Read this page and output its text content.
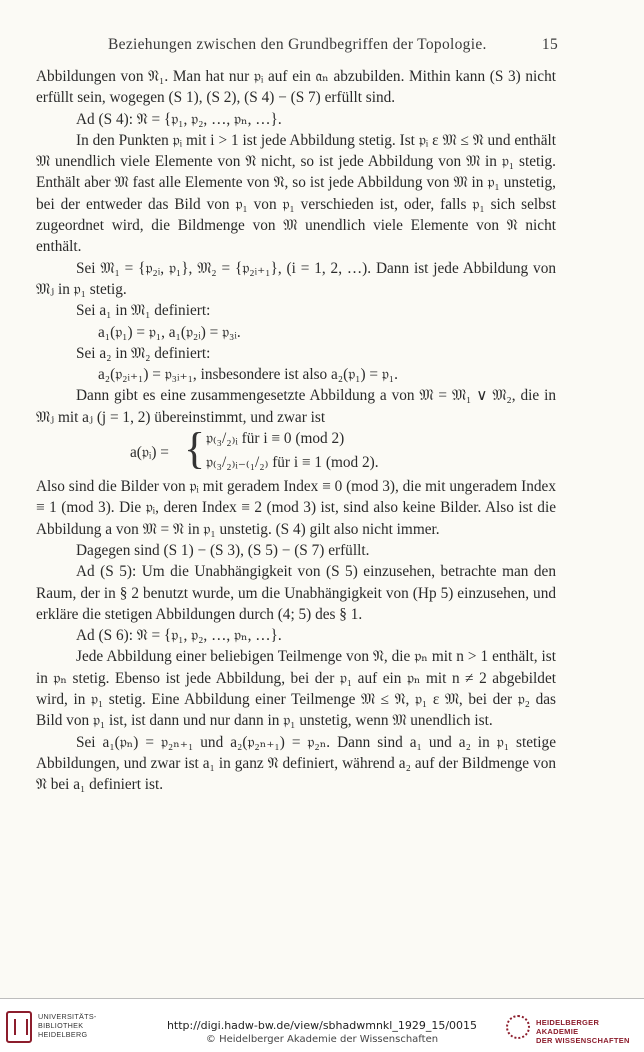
Beziehungen zwischen den Grundbegriffen der Topologie.	15

Abbildungen von 𝔑₁. Man hat nur 𝔭ᵢ auf ein 𝔞ₙ abzubilden. Mithin kann (S 3) nicht erfüllt sein, wogegen (S 1), (S 2), (S 4) − (S 7) erfüllt sind.

Ad (S 4): 𝔑 = {𝔭₁, 𝔭₂, …, 𝔭ₙ, …}.

In den Punkten 𝔭ᵢ mit i > 1 ist jede Abbildung stetig. Ist 𝔭ᵢ ε 𝔐 ≤ 𝔑 und enthält 𝔐 unendlich viele Elemente von 𝔑 nicht, so ist jede Abbildung von 𝔐 in 𝔭₁ stetig. Enthält aber 𝔐 fast alle Elemente von 𝔑, so ist jede Abbildung von 𝔐 in 𝔭₁ unstetig, bei der entweder das Bild von 𝔭₁ von 𝔭₁ verschieden ist, oder, falls 𝔭₁ sich selbst zugeordnet wird, die Bildmenge von 𝔐 unendlich viele Elemente von 𝔑 nicht enthält.

Sei 𝔐₁ = {𝔭₂ᵢ, 𝔭₁}, 𝔐₂ = {𝔭₂ᵢ₊₁}, (i = 1, 2, …). Dann ist jede Abbildung von 𝔐ⱼ in 𝔭₁ stetig.

Sei a₁ in 𝔐₁ definiert:

a₁(𝔭₁) = 𝔭₁, a₁(𝔭₂ᵢ) = 𝔭₃ᵢ.

Sei a₂ in 𝔐₂ definiert:

a₂(𝔭₂ᵢ₊₁) = 𝔭₃ᵢ₊₁, insbesondere ist also a₂(𝔭₁) = 𝔭₁.

Dann gibt es eine zusammengesetzte Abbildung a von 𝔐 = 𝔐₁ ∨ 𝔐₂, die in 𝔐ⱼ mit aⱼ (j = 1, 2) übereinstimmt, und zwar ist

a(𝔭ᵢ) = { 𝔭₍₃/₂₎ᵢ für i ≡ 0 (mod 2)
𝔭₍₃/₂₎ᵢ₋₍₁/₂₎ für i ≡ 1 (mod 2).

Also sind die Bilder von 𝔭ᵢ mit geradem Index ≡ 0 (mod 3), die mit ungeradem Index ≡ 1 (mod 3). Die 𝔭ᵢ, deren Index ≡ 2 (mod 3) ist, sind also keine Bilder. Also ist die Abbildung a von 𝔐 = 𝔑 in 𝔭₁ unstetig. (S 4) gilt also nicht immer.

Dagegen sind (S 1) − (S 3), (S 5) − (S 7) erfüllt.

Ad (S 5): Um die Unabhängigkeit von (S 5) einzusehen, betrachte man den Raum, der in § 2 benutzt wurde, um die Unabhängigkeit von (Hp 5) einzusehen, und erkläre die stetigen Abbildungen durch (4; 5) des § 1.

Ad (S 6): 𝔑 = {𝔭₁, 𝔭₂, …, 𝔭ₙ, …}.

Jede Abbildung einer beliebigen Teilmenge von 𝔑, die 𝔭ₙ mit n > 1 enthält, ist in 𝔭ₙ stetig. Ebenso ist jede Abbildung, bei der 𝔭₁ auf ein 𝔭ₙ mit n ≠ 2 abgebildet wird, in 𝔭₁ stetig. Eine Abbildung einer Teilmenge 𝔐 ≤ 𝔑, 𝔭₁ ε 𝔐, bei der 𝔭₂ das Bild von 𝔭₁ ist, ist dann und nur dann in 𝔭₁ unstetig, wenn 𝔐 unendlich ist.

Sei a₁(𝔭ₙ) = 𝔭₂ₙ₊₁ und a₂(𝔭₂ₙ₊₁) = 𝔭₂ₙ. Dann sind a₁ und a₂ in 𝔭₁ stetige Abbildungen, und zwar ist a₁ in ganz 𝔑 definiert, während a₂ auf der Bildmenge von 𝔑 bei a₁ definiert ist.

UNIVERSITÄTS-
BIBLIOTHEK
HEIDELBERG
http://digi.hadw-bw.de/view/sbhadwmnkl_1929_15/0015
© Heidelberger Akademie der Wissenschaften
HEIDELBERGER AKADEMIE
DER WISSENSCHAFTEN
